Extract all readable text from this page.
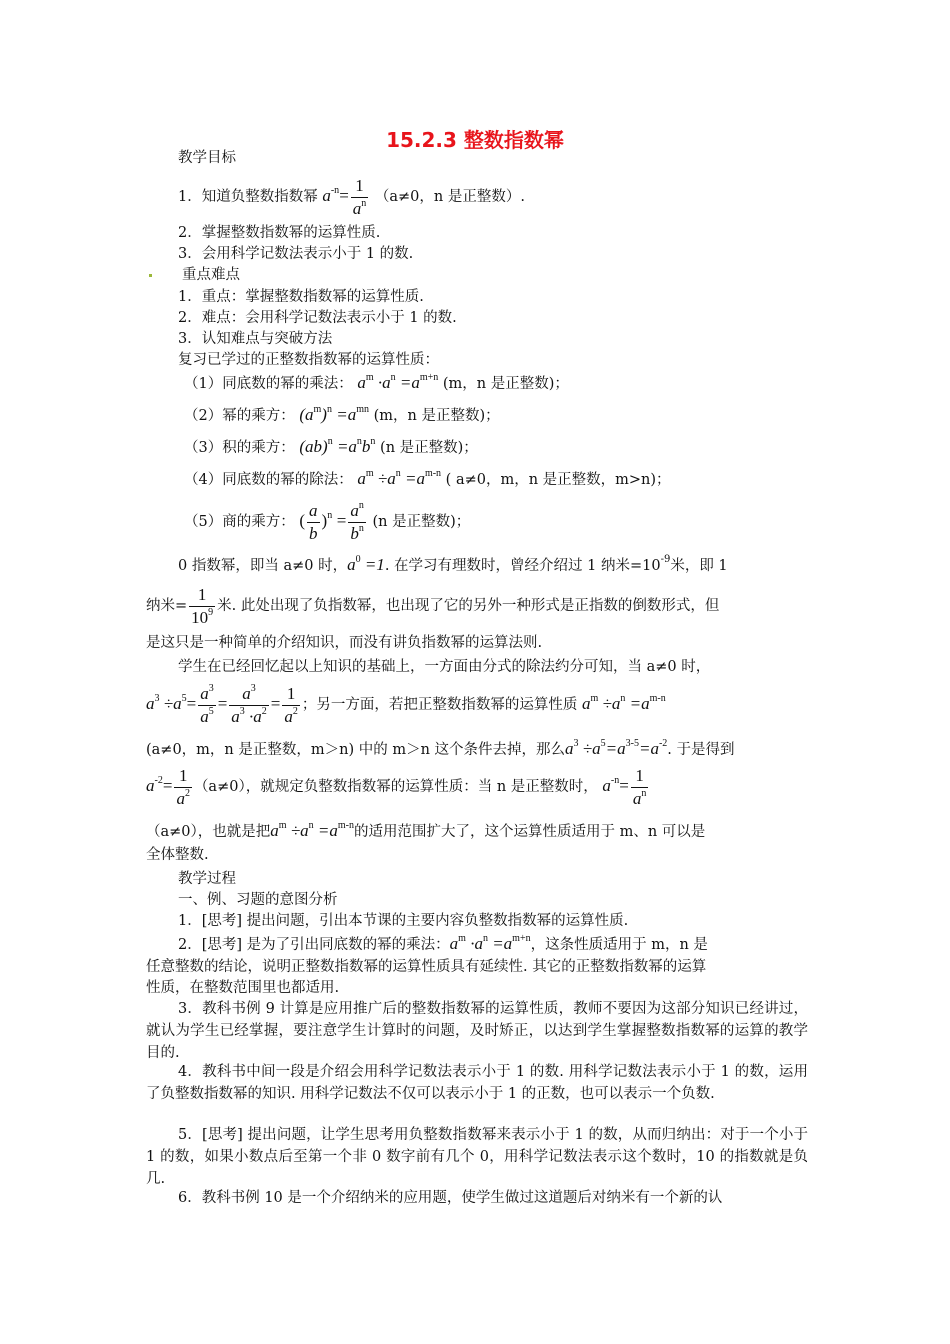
15.2.3 整数指数幂
教学目标
1．知道负整数指数幂 $a^{-n}= \frac{1}{a^n} (a\ne 0$，n 是正整数）.
2．掌握整数指数幂的运算性质.
3．会用科学记数法表示小于 1 的数.
重点难点
1．重点：掌握整数指数幂的运算性质.
2．难点：会用科学记数法表示小于 1 的数.
3．认知难点与突破方法
复习已学过的正整数指数幂的运算性质：
（1）同底数的幂的乘法： $a^m \cdot a^n =a^{m+n}$ (m，n 是正整数)；
（2）幂的乘方： $(a^m)^n =a^{mn}$ (m，n 是正整数)；
（3）积的乘方： $(ab)^n =a^nb^n$ (n 是正整数)；
（4）同底数的幂的除法： $a^m \div a^n =a^{m-n}$ ( a≠0，m，n 是正整数，m>n)；
（5）商的乘方： ( $\frac{a}{b} )^n = \frac{a^n}{b^n} (n$ 是正整数)；
0 指数幂，即当 a≠0 时，$a^0 =1$. 在学习有理数时，曾经介绍过 1 纳米$=10^{-9}$米，即 1
纳米= $\frac{1}{10^9}$ 米. 此处出现了负指数幂，也出现了它的另外一种形式是正指数的倒数形式，但
是这只是一种简单的介绍知识，而没有讲负指数幂的运算法则.
学生在已经回忆起以上知识的基础上，一方面由分式的除法约分可知，当 a≠0 时，
$a^3 \div a^5= \frac{a^3}{a^5} = \frac{a^3}{a^3 \cdot a^2} = \frac{1}{a^2}$ ；另一方面，若把正整数指数幂的运算性质 $a^m \div a^n =a^{m-n}$
(a≠0，m，n 是正整数，m＞n) 中的 m＞n 这个条件去掉，那么$a^3 \div a^5=a^{3-5}=a^{-2}$. 于是得到
$a^{-2}= \frac{1}{a^2} (a\ne 0)$，就规定负整数指数幂的运算性质：当 n 是正整数时， $a^{-n}= \frac{1}{a^n}$
（a≠0），也就是把$a^m \div a^n =a^{m-n}$的适用范围扩大了，这个运算性质适用于 m、n 可以是
全体整数.
教学过程
一、例、习题的意图分析
1．[思考] 提出问题，引出本节课的主要内容负整数指数幂的运算性质.
2．[思考] 是为了引出同底数的幂的乘法：$a^m \cdot a^n =a^{m+n}$，这条性质适用于 m，n 是
任意整数的结论，说明正整数指数幂的运算性质具有延续性. 其它的正整数指数幂的运算
性质，在整数范围里也都适用.
3．教科书例 9 计算是应用推广后的整数指数幂的运算性质，教师不要因为这部分知识已经讲过，就认为学生已经掌握，要注意学生计算时的问题，及时矫正，以达到学生掌握整数指数幂的运算的教学目的.
4．教科书中间一段是介绍会用科学记数法表示小于 1 的数. 用科学记数法表示小于 1 的数，运用了负整数指数幂的知识. 用科学记数法不仅可以表示小于 1 的正数，也可以表示一个负数.
5．[思考] 提出问题，让学生思考用负整数指数幂来表示小于 1 的数，从而归纳出：对于一个小于 1 的数，如果小数点后至第一个非 0 数字前有几个 0，用科学记数法表示这个数时，10 的指数就是负几.
6．教科书例 10 是一个介绍纳米的应用题，使学生做过这道题后对纳米有一个新的认
